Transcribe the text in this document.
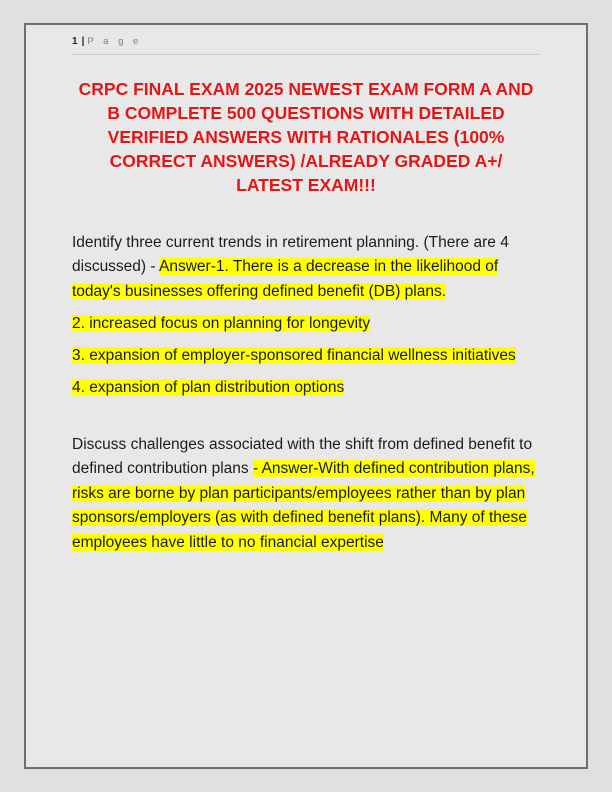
1 | P a g e
CRPC FINAL EXAM 2025 NEWEST EXAM FORM A AND
B COMPLETE 500 QUESTIONS WITH DETAILED
VERIFIED ANSWERS WITH RATIONALES (100%
CORRECT ANSWERS) /ALREADY GRADED A+/
LATEST EXAM!!!

Identify three current trends in retirement planning. (There are 4 discussed) - Answer-1. There is a decrease in the likelihood of today's businesses offering defined benefit (DB) plans.

2. increased focus on planning for longevity

3. expansion of employer-sponsored financial wellness initiatives

4. expansion of plan distribution options

Discuss challenges associated with the shift from defined benefit to defined contribution plans - Answer-With defined contribution plans, risks are borne by plan participants/employees rather than by plan sponsors/employers (as with defined benefit plans). Many of these employees have little to no financial expertise
